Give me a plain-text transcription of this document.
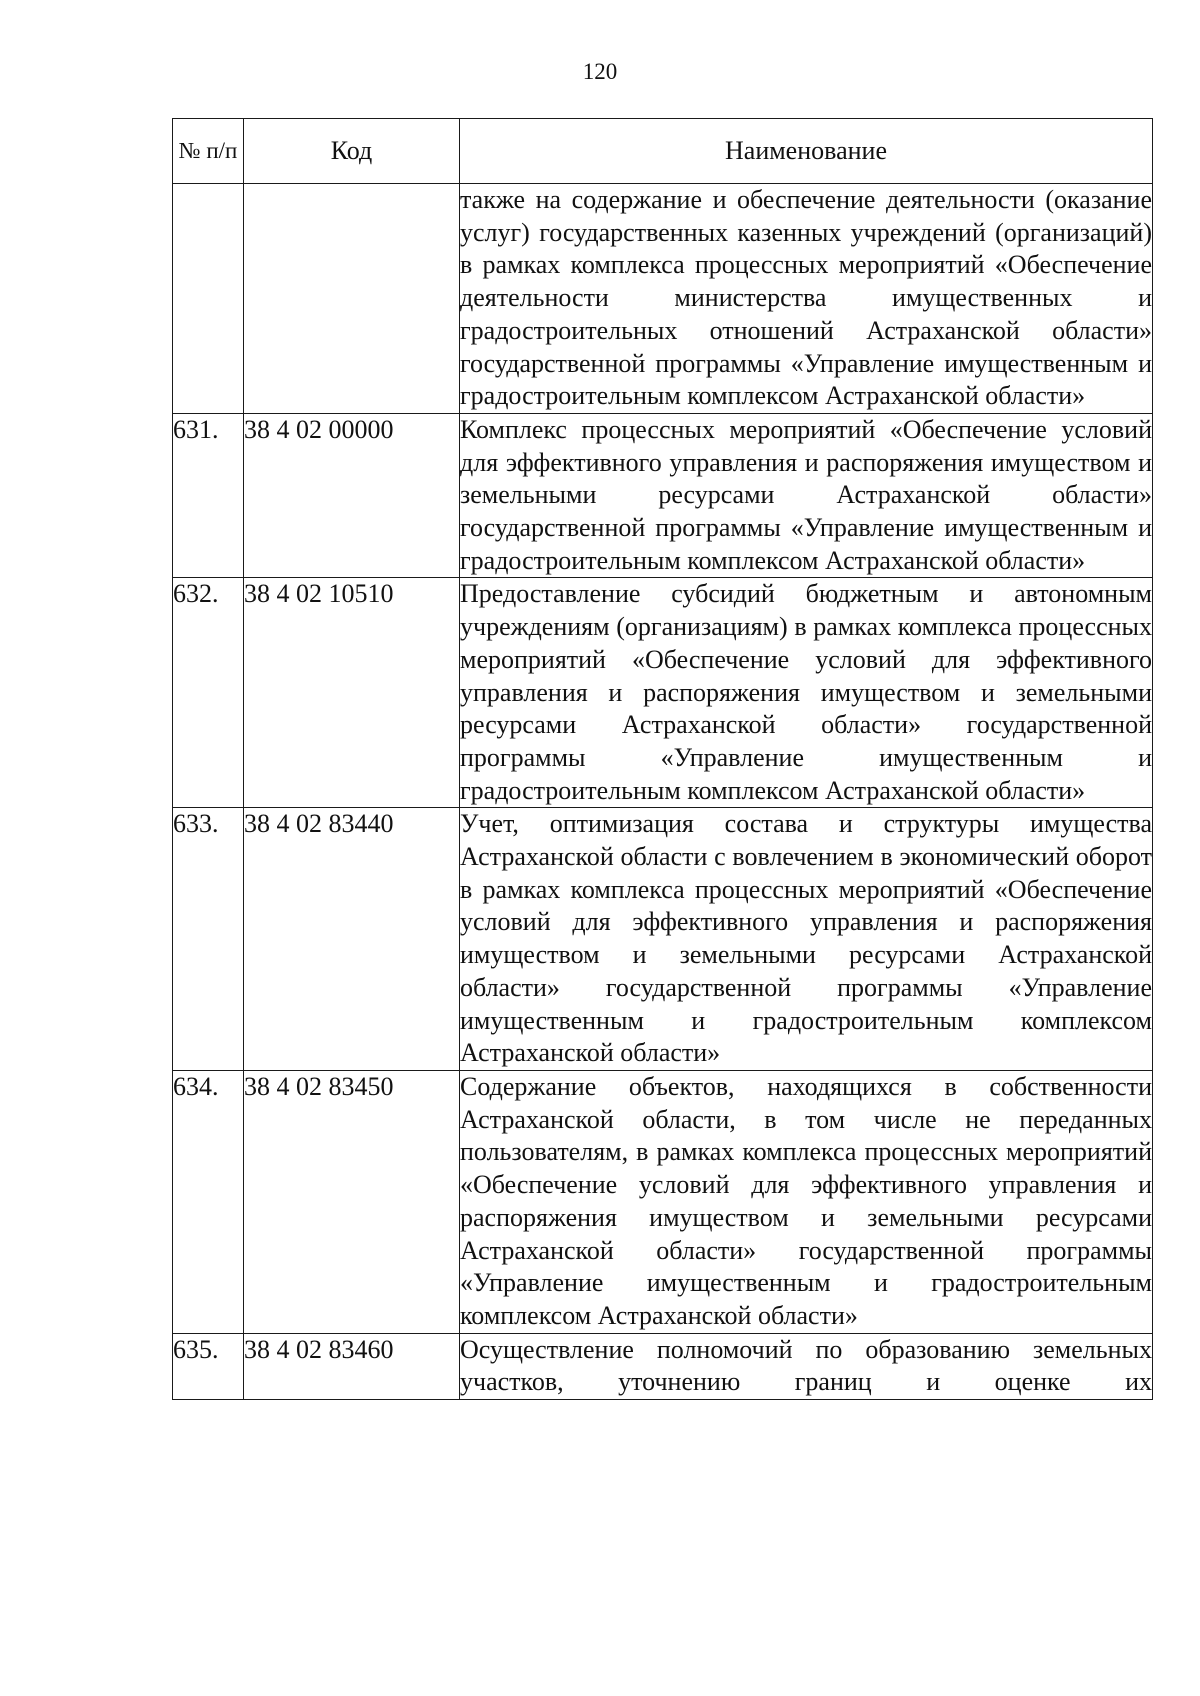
120
№ п/п	Код	Наименование
		также на содержание и обеспечение деятельности (оказание услуг) государственных казенных учреждений (организаций) в рамках комплекса процессных мероприятий «Обеспечение деятельности министерства имущественных и градостроительных отношений Астраханской области» государственной программы «Управление имущественным и градостроительным комплексом Астраханской области»
631.	38 4 02 00000	Комплекс процессных мероприятий «Обеспечение условий для эффективного управления и распоряжения имуществом и земельными ресурсами Астраханской области» государственной программы «Управление имущественным и градостроительным комплексом Астраханской области»
632.	38 4 02 10510	Предоставление субсидий бюджетным и автономным учреждениям (организациям) в рамках комплекса процессных мероприятий «Обеспечение условий для эффективного управления и распоряжения имуществом и земельными ресурсами Астраханской области» государственной программы «Управление имущественным и градостроительным комплексом Астраханской области»
633.	38 4 02 83440	Учет, оптимизация состава и структуры имущества Астраханской области с вовлечением в экономический оборот в рамках комплекса процессных мероприятий «Обеспечение условий для эффективного управления и распоряжения имуществом и земельными ресурсами Астраханской области» государственной программы «Управление имущественным и градостроительным комплексом Астраханской области»
634.	38 4 02 83450	Содержание объектов, находящихся в собственности Астраханской области, в том числе не переданных пользователям, в рамках комплекса процессных мероприятий «Обеспечение условий для эффективного управления и распоряжения имуществом и земельными ресурсами Астраханской области» государственной программы «Управление имущественным и градостроительным комплексом Астраханской области»
635.	38 4 02 83460	Осуществление полномочий по образованию земельных участков, уточнению границ и оценке их
